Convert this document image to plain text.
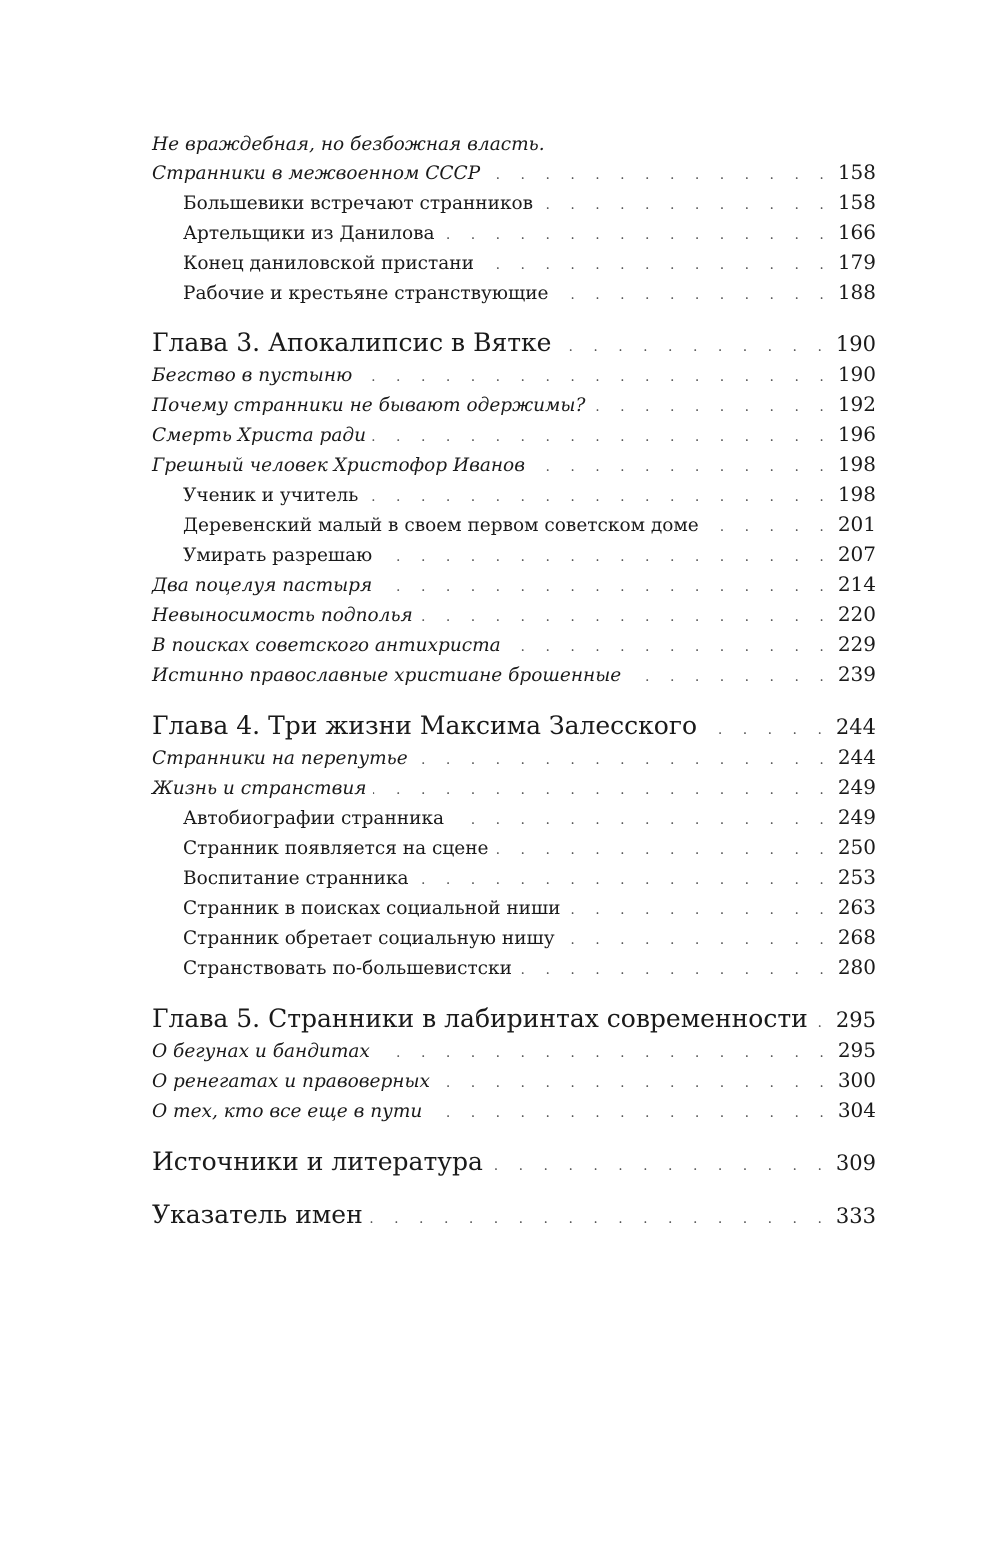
Не враждебная, но безбожная власть.
Странники в межвоенном СССР . . .	158
Большевики встречают странников . . .	158
Артельщики из Данилова . . .	166
Конец даниловской пристани . . .	179
Рабочие и крестьяне странствующие . . .	188
Глава 3. Апокалипсис в Вятке . . .	190
Бегство в пустыню . . .	190
Почему странники не бывают одержимы? . . .	192
Смерть Христа ради . . .	196
Грешный человек Христофор Иванов . . .	198
Ученик и учитель . . .	198
Деревенский малый в своем первом советском доме . . .	201
Умирать разрешаю . . .	207
Два поцелуя пастыря . . .	214
Невыносимость подполья . . .	220
В поисках советского антихриста . . .	229
Истинно православные христиане брошенные . . .	239
Глава 4. Три жизни Максима Залесского . . .	244
Странники на перепутье . . .	244
Жизнь и странствия . . .	249
Автобиографии странника . . .	249
Странник появляется на сцене . . .	250
Воспитание странника . . .	253
Странник в поисках социальной ниши . . .	263
Странник обретает социальную нишу . . .	268
Странствовать по-большевистски . . .	280
Глава 5. Странники в лабиринтах современности . . . 295
О бегунах и бандитах . . .	295
О ренегатах и правоверных . . .	300
О тех, кто все еще в пути . . .	304
Источники и литература . . .	309
Указатель имен . . .	333
